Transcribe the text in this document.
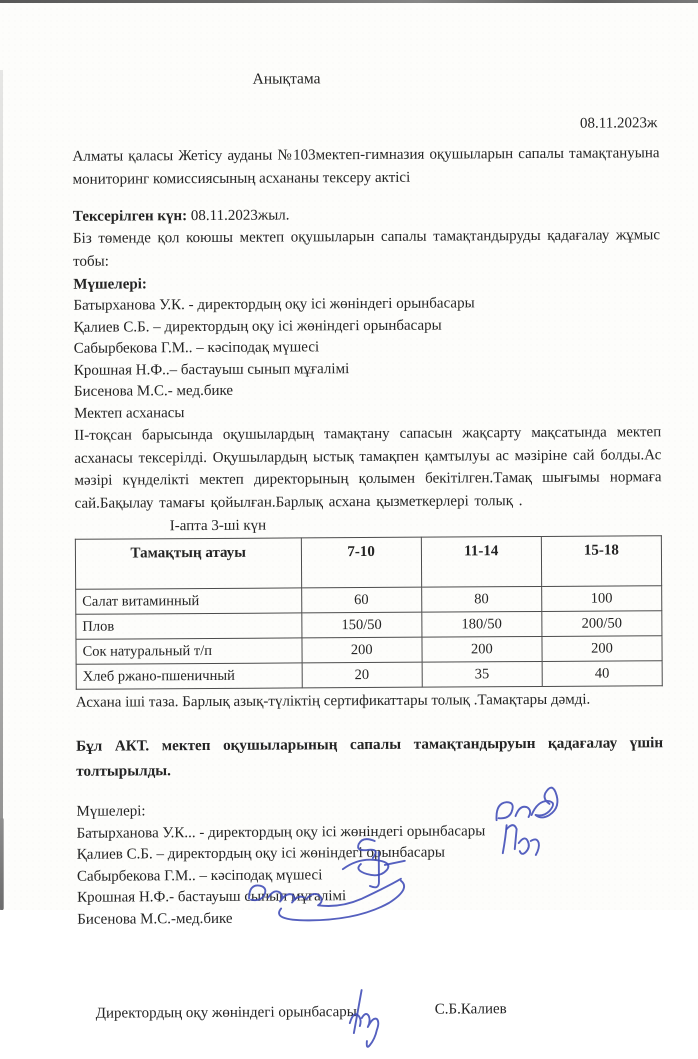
Анықтама
08.11.2023ж
Алматы қаласы Жетісу ауданы №103мектеп-гимназия оқушыларын сапалы тамақтануына мониторинг комиссиясының асхананы тексеру актісі
Тексерілген күн: 08.11.2023жыл.
Біз төменде қол коюшы мектеп оқушыларын сапалы тамақтандыруды қадағалау жұмыс тобы:
Мүшелері:
Батырханова У.К. - директордың оқу ісі жөніндегі орынбасары
Қалиев С.Б. – директордың оқу ісі жөніндегі орынбасары
Сабырбекова Г.М.. – кәсіподақ мүшесі
Крошная Н.Ф..– бастауыш сынып мұғалімі
Бисенова М.С.- мед.бике
Мектеп асханасы
ІІ-тоқсан барысында оқушылардың тамақтану сапасын жақсарту мақсатында мектеп асханасы тексерілді. Оқушылардың ыстық тамақпен қамтылуы ас мәзіріне сай болды.Ас мәзірі күнделікті мектеп директорының қолымен бекітілген.Тамақ шығымы нормаға сай.Бақылау тамағы қойылған.Барлық асхана қызметкерлері толық .
І-апта 3-ші күн
Тамақтың атауы	7-10	11-14	15-18
Салат витаминный	60	80	100
Плов	150/50	180/50	200/50
Сок натуральный т/п	200	200	200
Хлеб ржано-пшеничный	20	35	40
Асхана іші таза. Барлық азық-түліктің сертификаттары толық .Тамақтары дәмді.
Бұл АКТ. мектеп оқушыларының сапалы тамақтандыруын қадағалау үшін толтырылды.
Мүшелері:
Батырханова У.К... - директордың оқу ісі жөніндегі орынбасары
Қалиев С.Б. – директордың оқу ісі жөніндегі орынбасары
Сабырбекова Г.М.. – кәсіподақ мүшесі
Крошная Н.Ф.- бастауыш сынып мұғалімі
Бисенова М.С.-мед.бике
Директордың оқу жөніндегі орынбасары	С.Б.Калиев
